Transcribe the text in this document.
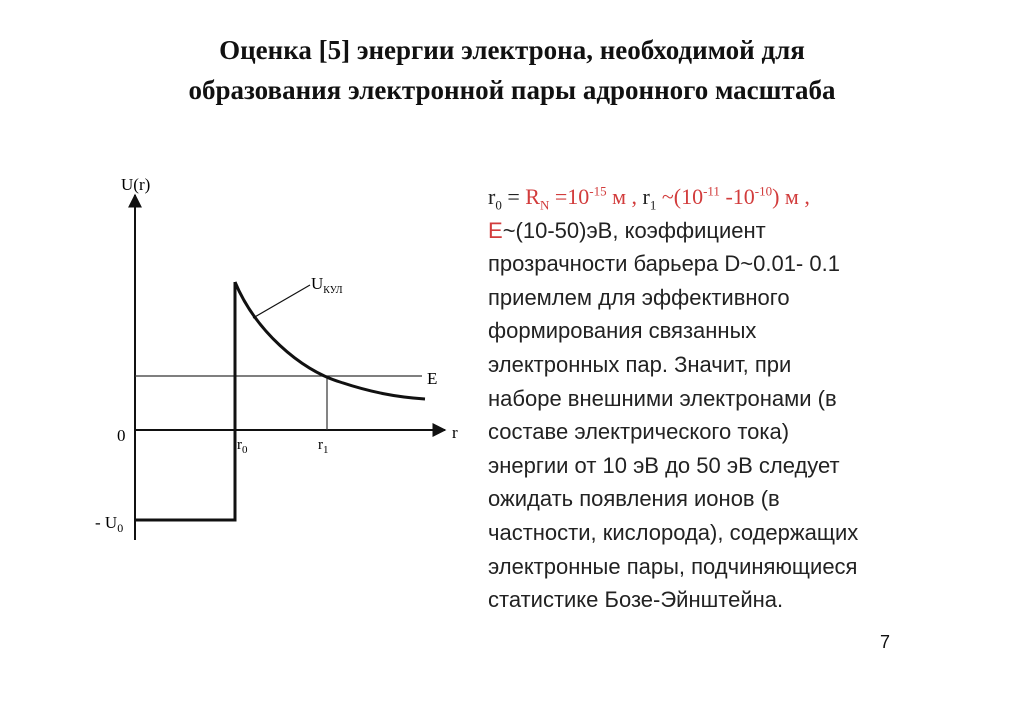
Оценка [5] энергии электрона, необходимой для
образования электронной пары адронного масштаба
U(r)
r
0
- $U_0$
$r_0$	$r_1$
E
$U_{КУЛ}$
$r_0 = R_N =10^{-15}$ м , $r_1$ $\sim(10^{-11}$ $-10^{-10}$) м ,
E~(10-50)эВ, коэффициент
прозрачности барьера D~0.01- 0.1
приемлем для эффективного
формирования связанных
электронных пар. Значит, при
наборе внешними электронами (в
составе электрического тока)
энергии от 10 эВ до 50 эВ следует
ожидать появления ионов (в
частности, кислорода), содержащих
электронные пары, подчиняющиеся
статистике Бозе-Эйнштейна.
7
